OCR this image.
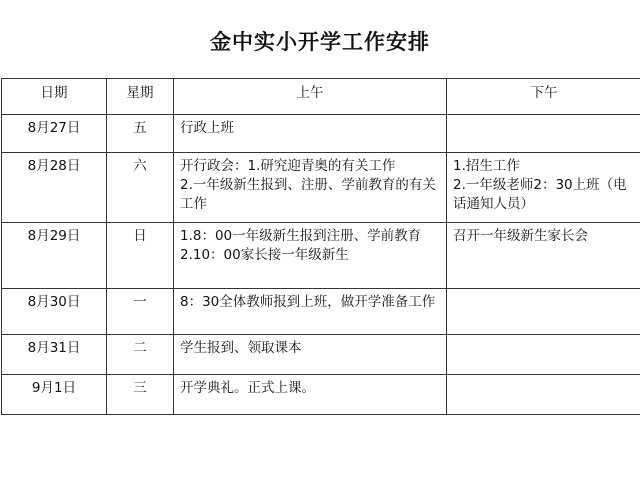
金中实小开学工作安排
日期	星期	上午	下午
8月27日	五	行政上班	

8月28日	六	开行政会：1.研究迎青奥的有关工作
2.一年级新生报到、注册、学前教育的有关工作	1.招生工作
2.一年级老师2：30上班（电话通知人员）

8月29日	日	1.8：00一年级新生报到注册、学前教育
2.10：00家长接一年级新生	召开一年级新生家长会

8月30日	一	8：30全体教师报到上班，做开学准备工作	

8月31日	二	学生报到、领取课本	

9月1日	三	开学典礼。正式上课。	
